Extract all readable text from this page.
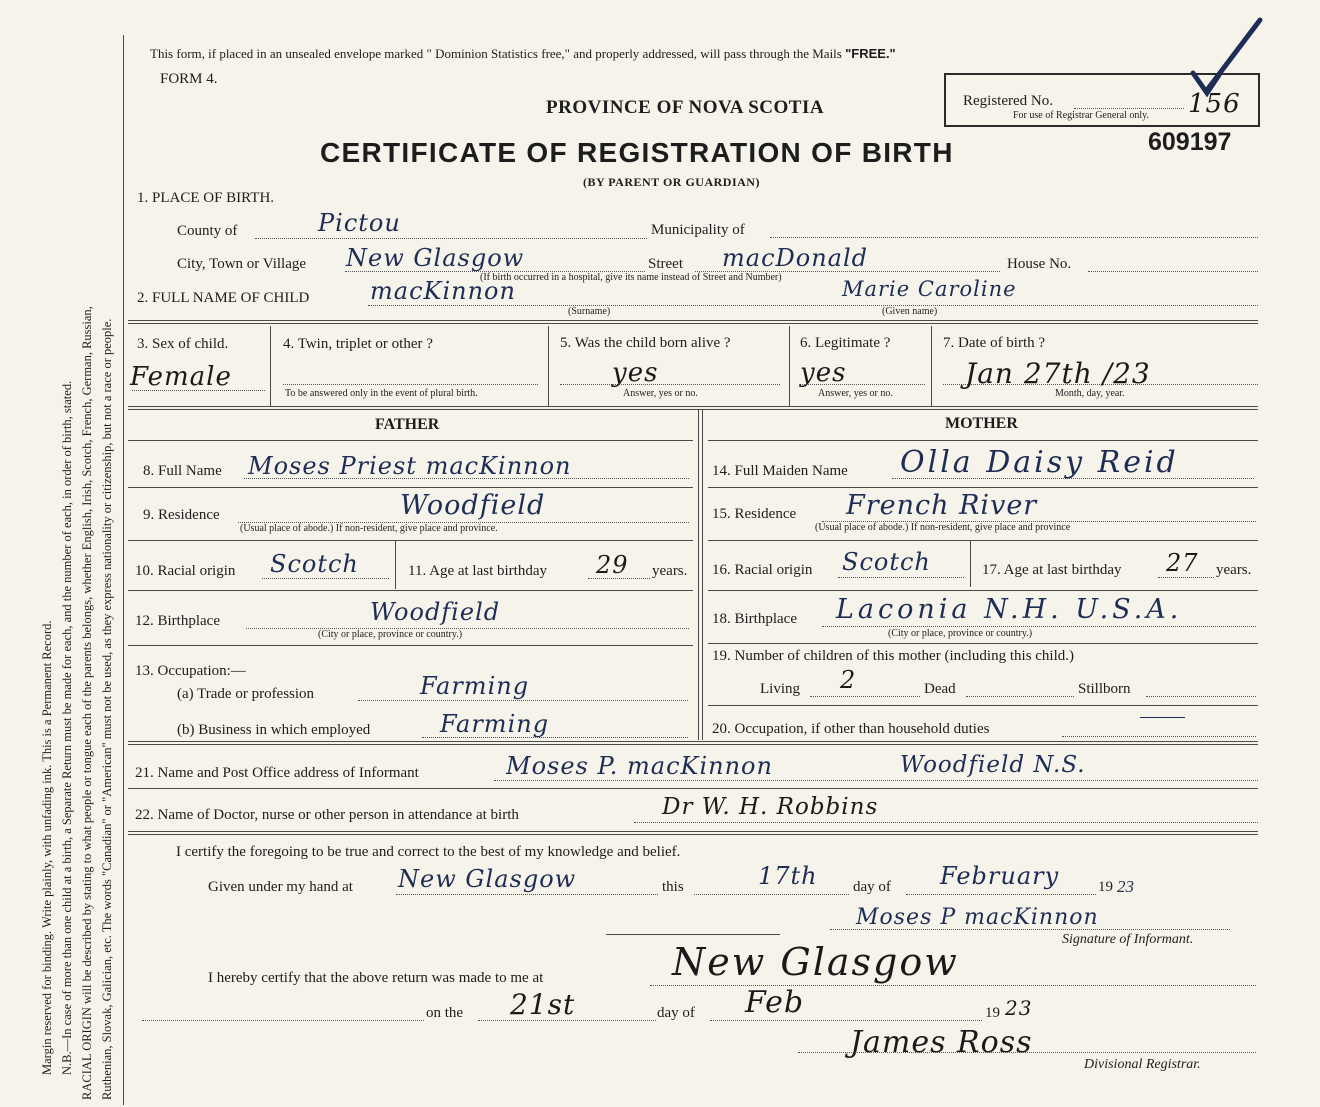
Margin reserved for binding. Write plainly, with unfading ink. This is a Permanent Record. N.B.—In case of more than one child at a birth, a Separate Return must be made for each, and the number of each, in order of birth, stated. RACIAL ORIGIN will be described by stating to what people or tongue each of the parents belongs, whether English, Irish, Scotch, French, German, Russian, Ruthenian, Slovak, Galician, etc. The words "Canadian" or "American" must not be used, as they express nationality or citizenship, but not a race or people.
This form, if placed in an unsealed envelope marked " Dominion Statistics free," and properly addressed, will pass through the Mails "FREE."
FORM 4.
PROVINCE OF NOVA SCOTIA
CERTIFICATE OF REGISTRATION OF BIRTH
(BY PARENT OR GUARDIAN)
Registered No.
For use of Registrar General only. 156
609197
1. PLACE OF BIRTH.
County of	Pictou	Municipality of
City, Town or Village New Glasgow	Street macDonald	House No.
(If birth occurred in a hospital, give its name instead of Street and Number)
2. FULL NAME OF CHILD	macKinnon	Marie Caroline
(Surname)	(Given name)
3. Sex of child.
Female
4. Twin, triplet or other ?
To be answered only in the event of plural birth.
5. Was the child born alive ?
yes
Answer, yes or no.
6. Legitimate ?
yes
Answer, yes or no.
7. Date of birth ?
Jan 27th /23
Month, day, year.
FATHER	MOTHER
8. Full Name Moses Priest macKinnon
9. Residence	Woodfield
(Usual place of abode.) If non-resident, give place and province.
10. Racial origin Scotch	11. Age at last birthday 29 years.
12. Birthplace	Woodfield
(City or place, province or country.)
13. Occupation:—
(a) Trade or profession	Farming
(b) Business in which employed	Farming
14. Full Maiden Name Olla Daisy Reid
15. Residence French River
(Usual place of abode.) If non-resident, give place and province
16. Racial origin Scotch	17. Age at last birthday 27 years.
18. Birthplace Laconia N.H. U.S.A.
(City or place, province or country.)
19. Number of children of this mother (including this child.)
Living 2	Dead	Stillborn
20. Occupation, if other than household duties
21. Name and Post Office address of Informant	Moses P. macKinnon	Woodfield N.S.
22. Name of Doctor, nurse or other person in attendance at birth	Dr W. H. Robbins
I certify the foregoing to be true and correct to the best of my knowledge and belief.
Given under my hand at New Glasgow	this	17th day of February	19 23
Moses P macKinnon
Signature of Informant.
I hereby certify that the above return was made to me at	New Glasgow
on the 21st	day of Feb	19 23
James Ross
Divisional Registrar.
